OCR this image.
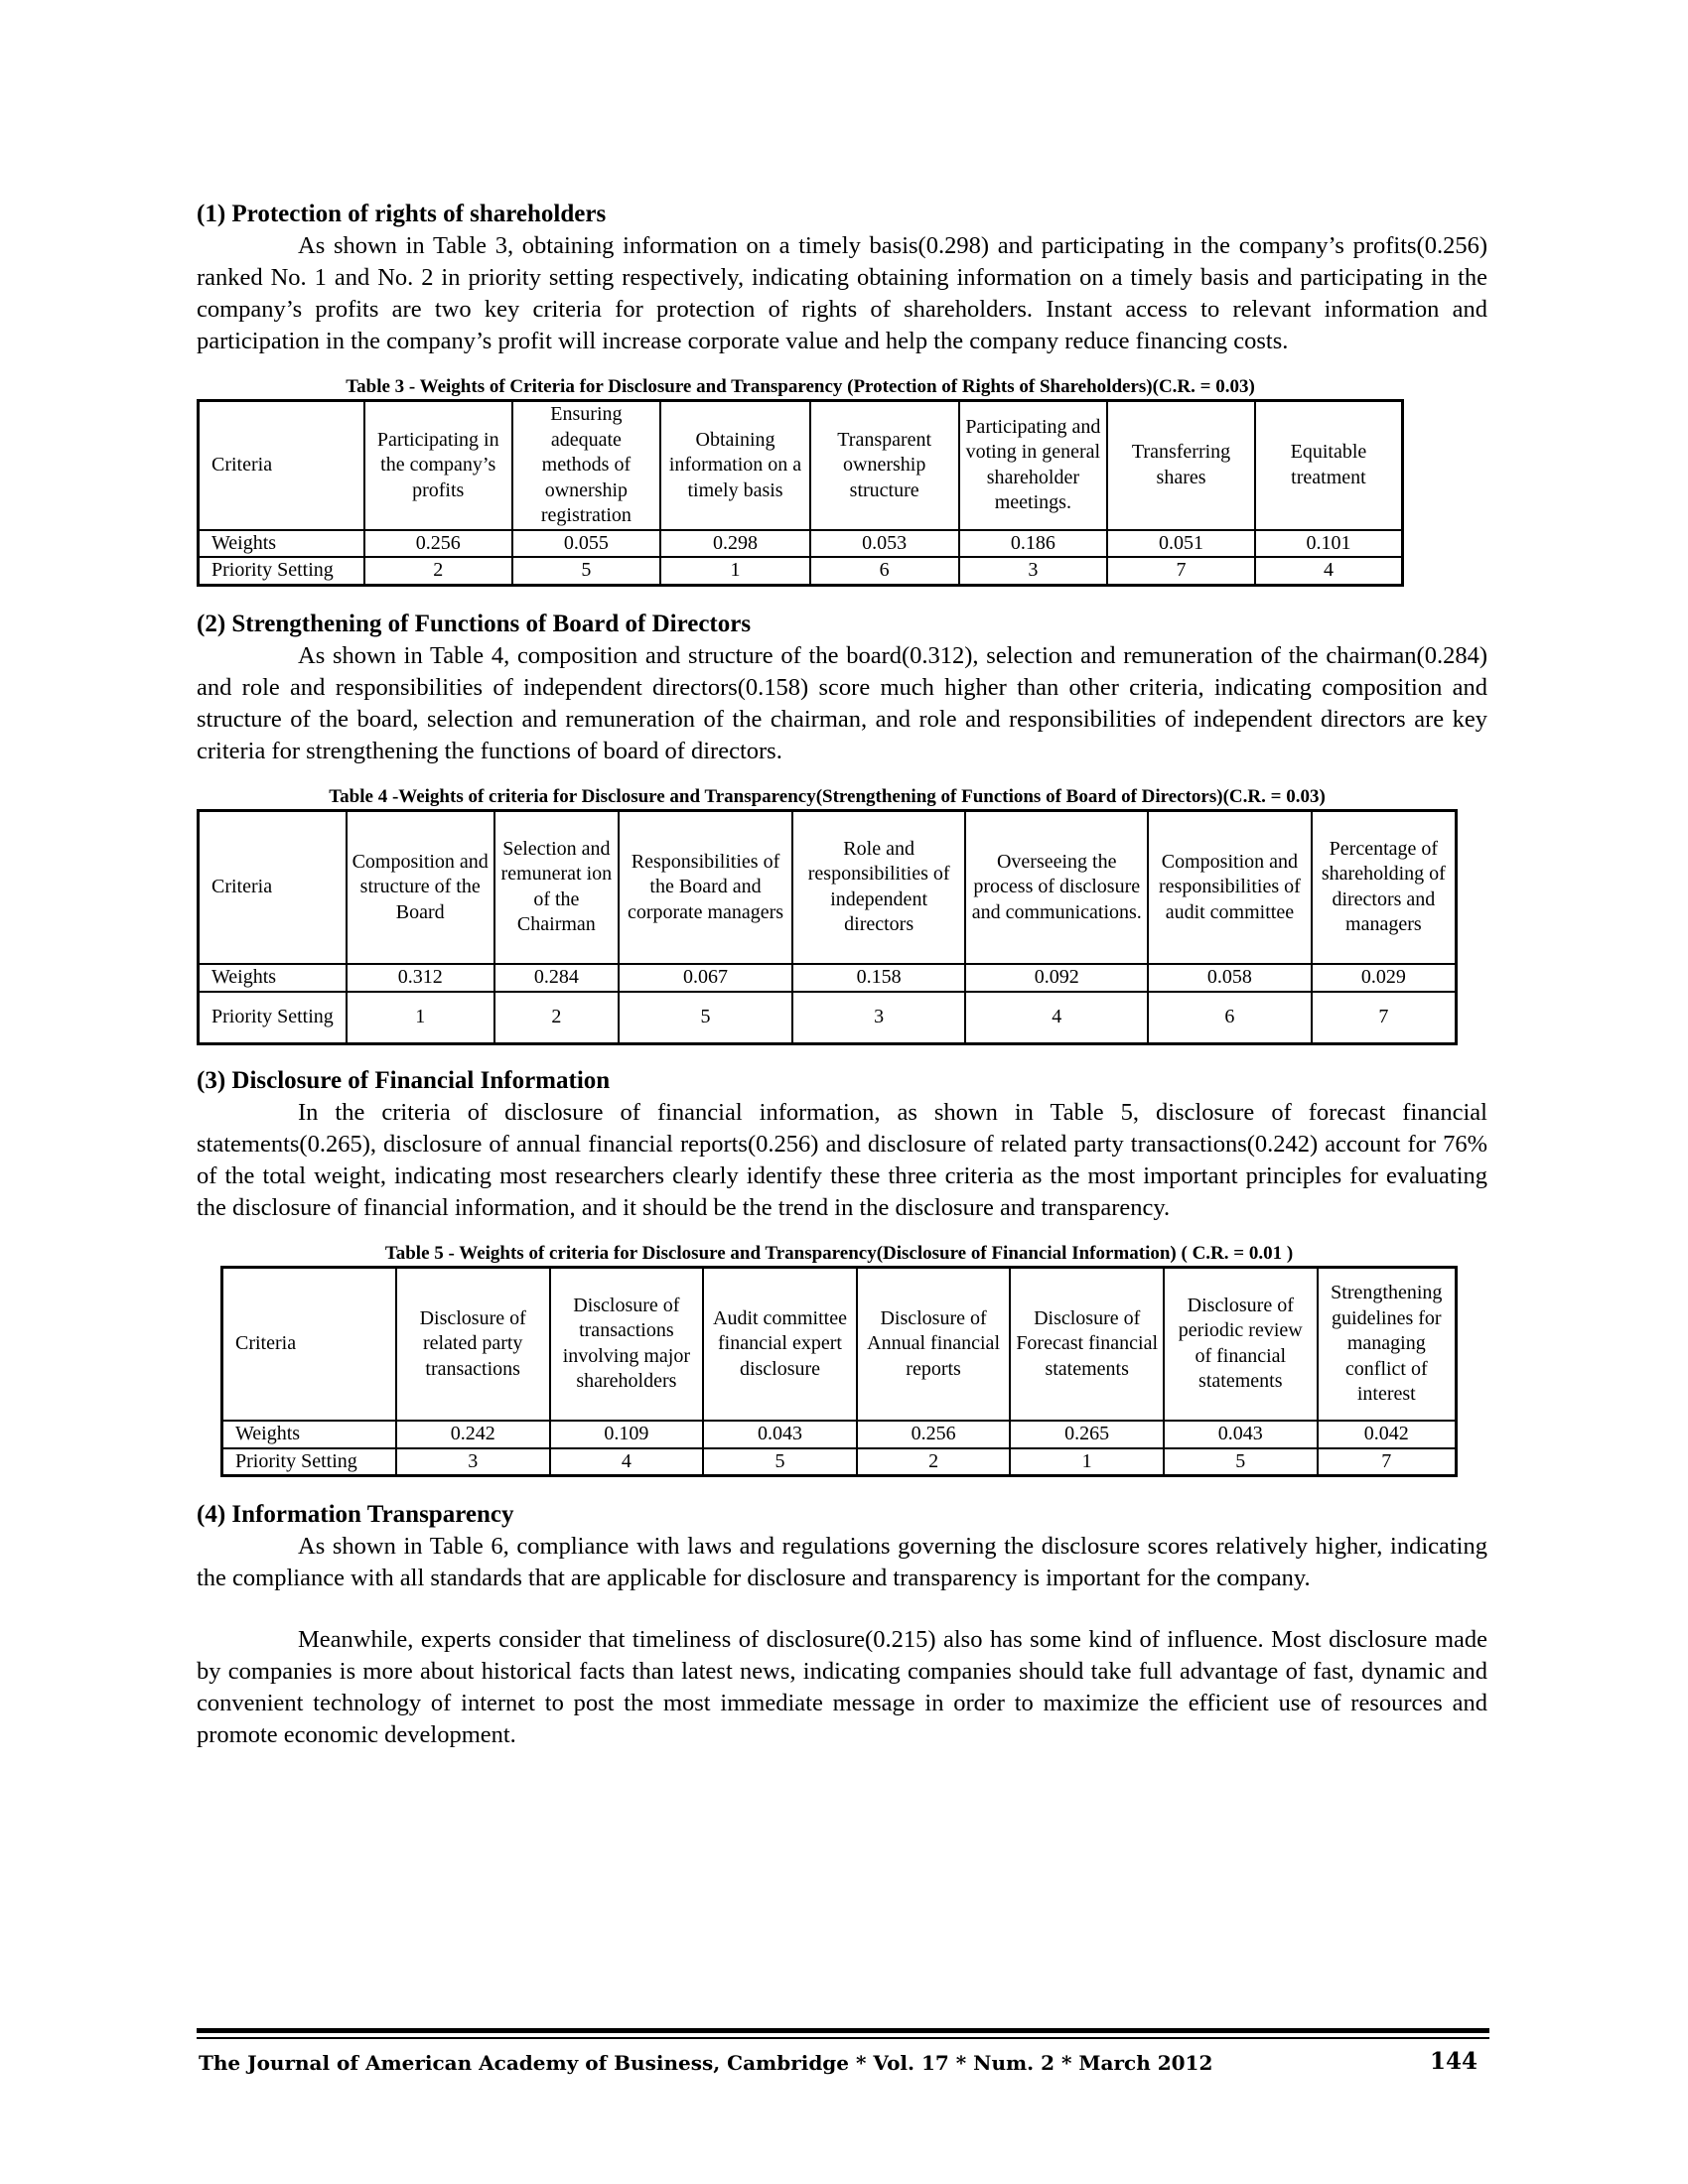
(1) Protection of rights of shareholders

As shown in Table 3, obtaining information on a timely basis(0.298) and participating in the company’s profits(0.256) ranked No. 1 and No. 2 in priority setting respectively, indicating obtaining information on a timely basis and participating in the company’s profits are two key criteria for protection of rights of shareholders. Instant access to relevant information and participation in the company’s profit will increase corporate value and help the company reduce financing costs.

Table 3 - Weights of Criteria for Disclosure and Transparency (Protection of Rights of Shareholders)(C.R. = 0.03)

Criteria	Participating in the company’s profits	Ensuring adequate methods of ownership registration	Obtaining information on a timely basis	Transparent ownership structure	Participating and voting in general shareholder meetings.	Transferring shares	Equitable treatment
Weights	0.256	0.055	0.298	0.053	0.186	0.051	0.101
Priority Setting	2	5	1	6	3	7	4

(2) Strengthening of Functions of Board of Directors

As shown in Table 4, composition and structure of the board(0.312), selection and remuneration of the chairman(0.284) and role and responsibilities of independent directors(0.158) score much higher than other criteria, indicating composition and structure of the board, selection and remuneration of the chairman, and role and responsibilities of independent directors are key criteria for strengthening the functions of board of directors.

Table 4 -Weights of criteria for Disclosure and Transparency(Strengthening of Functions of Board of Directors)(C.R. = 0.03)

Criteria	Composition and structure of the Board	Selection and remunerat ion of the Chairman	Responsibilities of the Board and corporate managers	Role and responsibilities of independent directors	Overseeing the process of disclosure and communications.	Composition and responsibilities of audit committee	Percentage of shareholding of directors and managers
Weights	0.312	0.284	0.067	0.158	0.092	0.058	0.029
Priority Setting	1	2	5	3	4	6	7

(3) Disclosure of Financial Information

In the criteria of disclosure of financial information, as shown in Table 5, disclosure of forecast financial statements(0.265), disclosure of annual financial reports(0.256) and disclosure of related party transactions(0.242) account for 76% of the total weight, indicating most researchers clearly identify these three criteria as the most important principles for evaluating the disclosure of financial information, and it should be the trend in the disclosure and transparency.

Table 5 - Weights of criteria for Disclosure and Transparency(Disclosure of Financial Information) ( C.R. = 0.01 )

Criteria	Disclosure of related party transactions	Disclosure of transactions involving major shareholders	Audit committee financial expert disclosure	Disclosure of Annual financial reports	Disclosure of Forecast financial statements	Disclosure of periodic review of financial statements	Strengthening guidelines for managing conflict of interest
Weights	0.242	0.109	0.043	0.256	0.265	0.043	0.042
Priority Setting	3	4	5	2	1	5	7

(4) Information Transparency

As shown in Table 6, compliance with laws and regulations governing the disclosure scores relatively higher, indicating the compliance with all standards that are applicable for disclosure and transparency is important for the company.

Meanwhile, experts consider that timeliness of disclosure(0.215) also has some kind of influence. Most disclosure made by companies is more about historical facts than latest news, indicating companies should take full advantage of fast, dynamic and convenient technology of internet to post the most immediate message in order to maximize the efficient use of resources and promote economic development.

The Journal of American Academy of Business, Cambridge * Vol. 17 * Num. 2 * March 2012	144
